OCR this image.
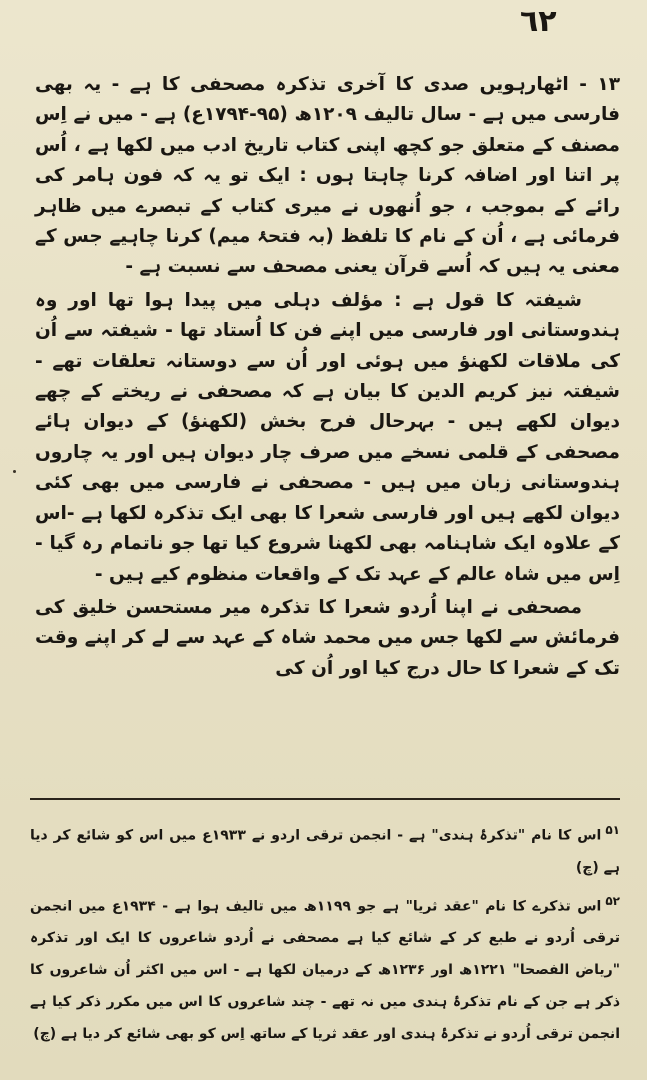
٦٢

۱۳ - اٹھارہویں صدی کا آخری تذکرہ مصحفی کا ہے - یہ بھی فارسی میں ہے - سال تالیف ۱۲۰۹ھ (۹۵-۱۷۹۴ع) ہے - میں نے اِس مصنف کے متعلق جو کچھ اپنی کتاب تاریخ ادب میں لکھا ہے ، اُس پر اتنا اور اضافہ کرنا چاہتا ہوں : ایک تو یہ کہ فون ہامر کی رائے کے بموجب ، جو اُنھوں نے میری کتاب کے تبصرے میں ظاہر فرمائی ہے ، اُن کے نام کا تلفظ (بہ فتحۂ میم) کرنا چاہیے جس کے معنی یہ ہیں کہ اُسے قرآن یعنی مصحف سے نسبت ہے -

شیفتہ کا قول ہے : مؤلف دہلی میں پیدا ہوا تھا اور وہ ہندوستانی اور فارسی میں اپنے فن کا اُستاد تھا - شیفتہ سے اُن کی ملاقات لکھنؤ میں ہوئی اور اُن سے دوستانہ تعلقات تھے - شیفتہ نیز کریم الدین کا بیان ہے کہ مصحفی نے ریختے کے چھے دیوان لکھے ہیں - بہرحال فرح بخش (لکھنؤ) کے دیوان ہائے مصحفی کے قلمی نسخے میں صرف چار دیوان ہیں اور یہ چاروں ہندوستانی زبان میں ہیں - مصحفی نے فارسی میں بھی کئی دیوان لکھے ہیں اور فارسی شعرا کا بھی ایک تذکرہ لکھا ہے -اس کے علاوہ ایک شاہنامہ بھی لکھنا شروع کیا تھا جو ناتمام رہ گیا - اِس میں شاہ عالم کے عہد تک کے واقعات منظوم کیے ہیں -

مصحفی نے اپنا اُردو شعرا کا تذکرہ میر مستحسن خلیق کی فرمائش سے لکھا جس میں محمد شاہ کے عہد سے لے کر اپنے وقت تک کے شعرا کا حال درج کیا اور اُن کی

۵۱اس کا نام "تذکرۂ ہندی" ہے - انجمن ترقی اردو نے ۱۹۳۳ع میں اس کو شائع کر دیا ہے (چ)

۵۲اس تذکرے کا نام "عقد ثریا" ہے جو ۱۱۹۹ھ میں تالیف ہوا ہے - ۱۹۳۴ع میں انجمن ترقی اُردو نے طبع کر کے شائع کیا ہے مصحفی نے اُردو شاعروں کا ایک اور تذکرہ "ریاض الفصحا" ۱۲۲۱ھ اور ۱۲۳۶ھ کے درمیان لکھا ہے - اس میں اکثر اُن شاعروں کا ذکر ہے جن کے نام تذکرۂ ہندی میں نہ تھے - چند شاعروں کا اس میں مکرر ذکر کیا ہے انجمن ترقی اُردو نے تذکرۂ ہندی اور عقد ثریا کے ساتھ اِس کو بھی شائع کر دیا ہے (چ)
